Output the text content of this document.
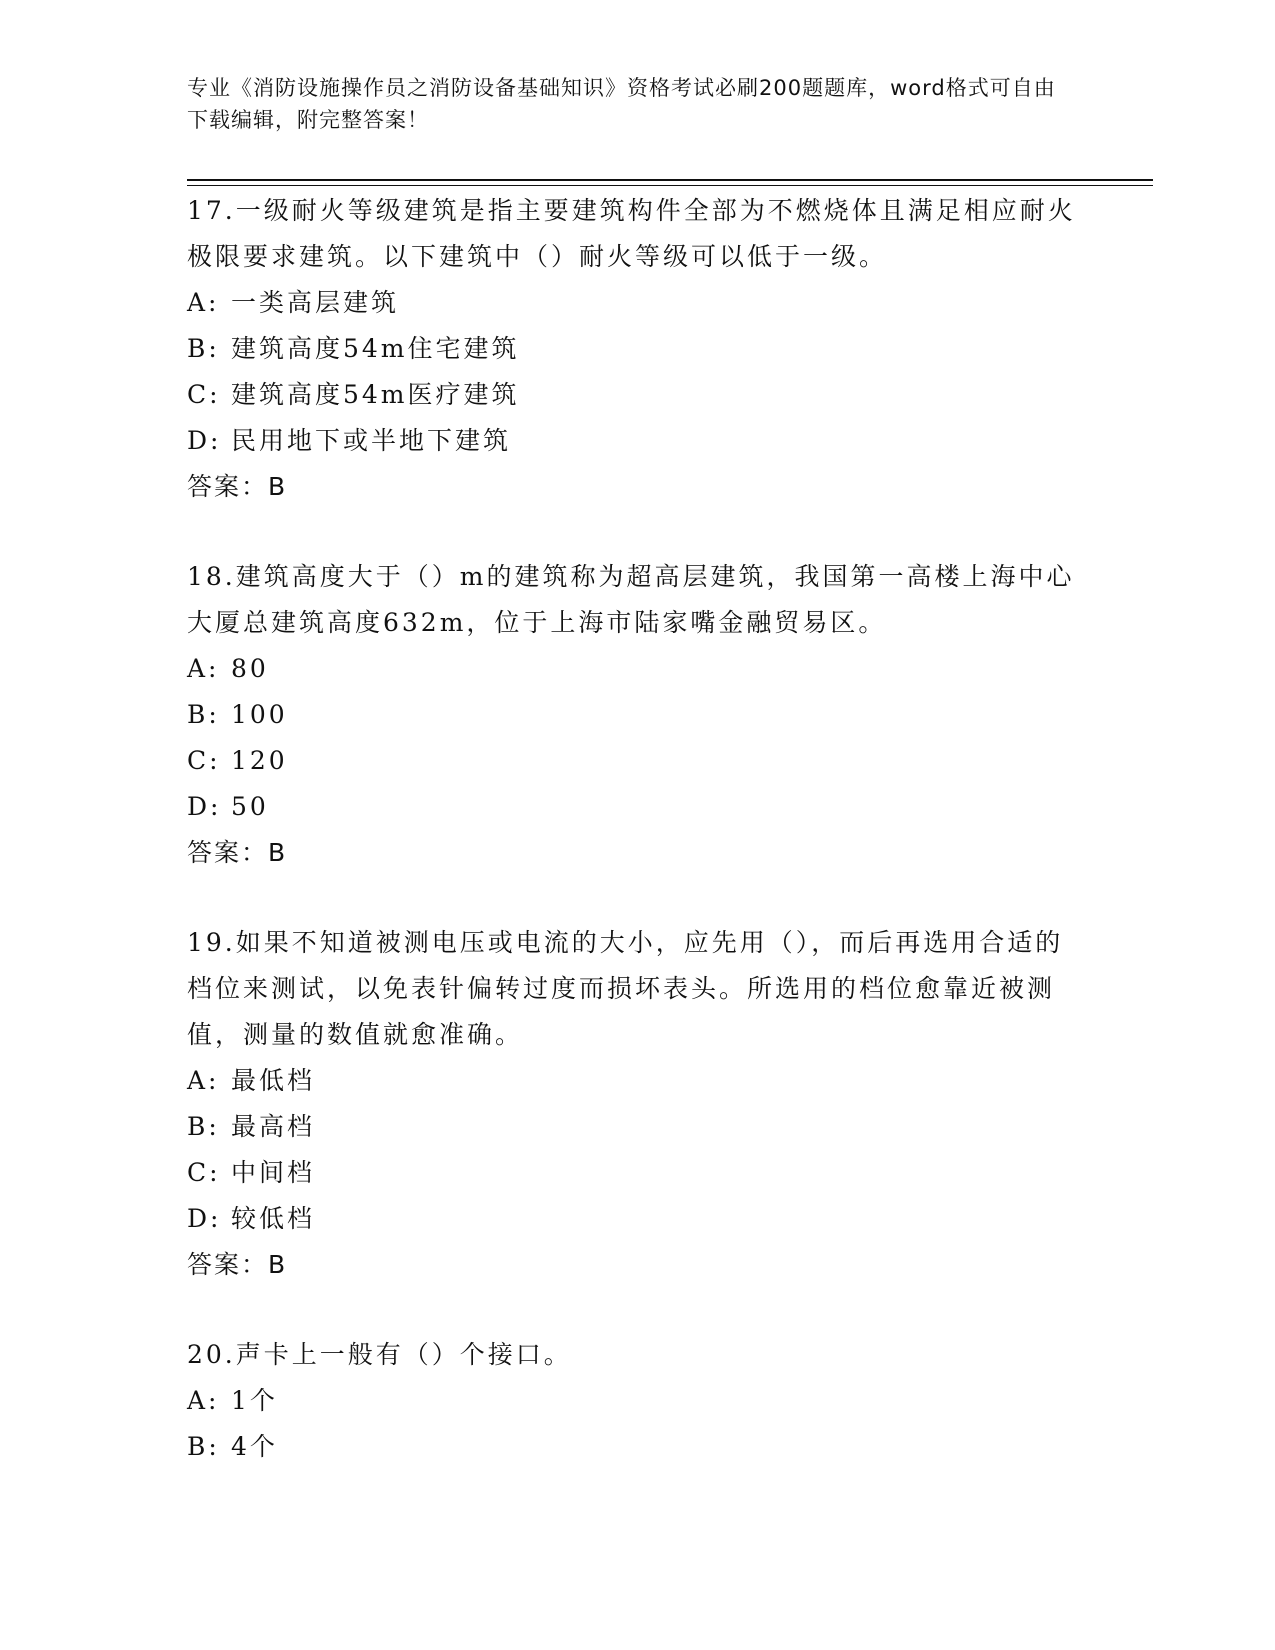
专业《消防设施操作员之消防设备基础知识》资格考试必刷200题题库，word格式可自由下载编辑，附完整答案！
17.一级耐火等级建筑是指主要建筑构件全部为不燃烧体且满足相应耐火极限要求建筑。以下建筑中（）耐火等级可以低于一级。
A: 一类高层建筑
B: 建筑高度54m住宅建筑
C: 建筑高度54m医疗建筑
D: 民用地下或半地下建筑
答案：B
18.建筑高度大于（）m的建筑称为超高层建筑，我国第一高楼上海中心大厦总建筑高度632m，位于上海市陆家嘴金融贸易区。
A: 80
B: 100
C: 120
D: 50
答案：B
19.如果不知道被测电压或电流的大小，应先用（），而后再选用合适的档位来测试，以免表针偏转过度而损坏表头。所选用的档位愈靠近被测值，测量的数值就愈准确。
A: 最低档
B: 最高档
C: 中间档
D: 较低档
答案：B
20.声卡上一般有（）个接口。
A: 1个
B: 4个
